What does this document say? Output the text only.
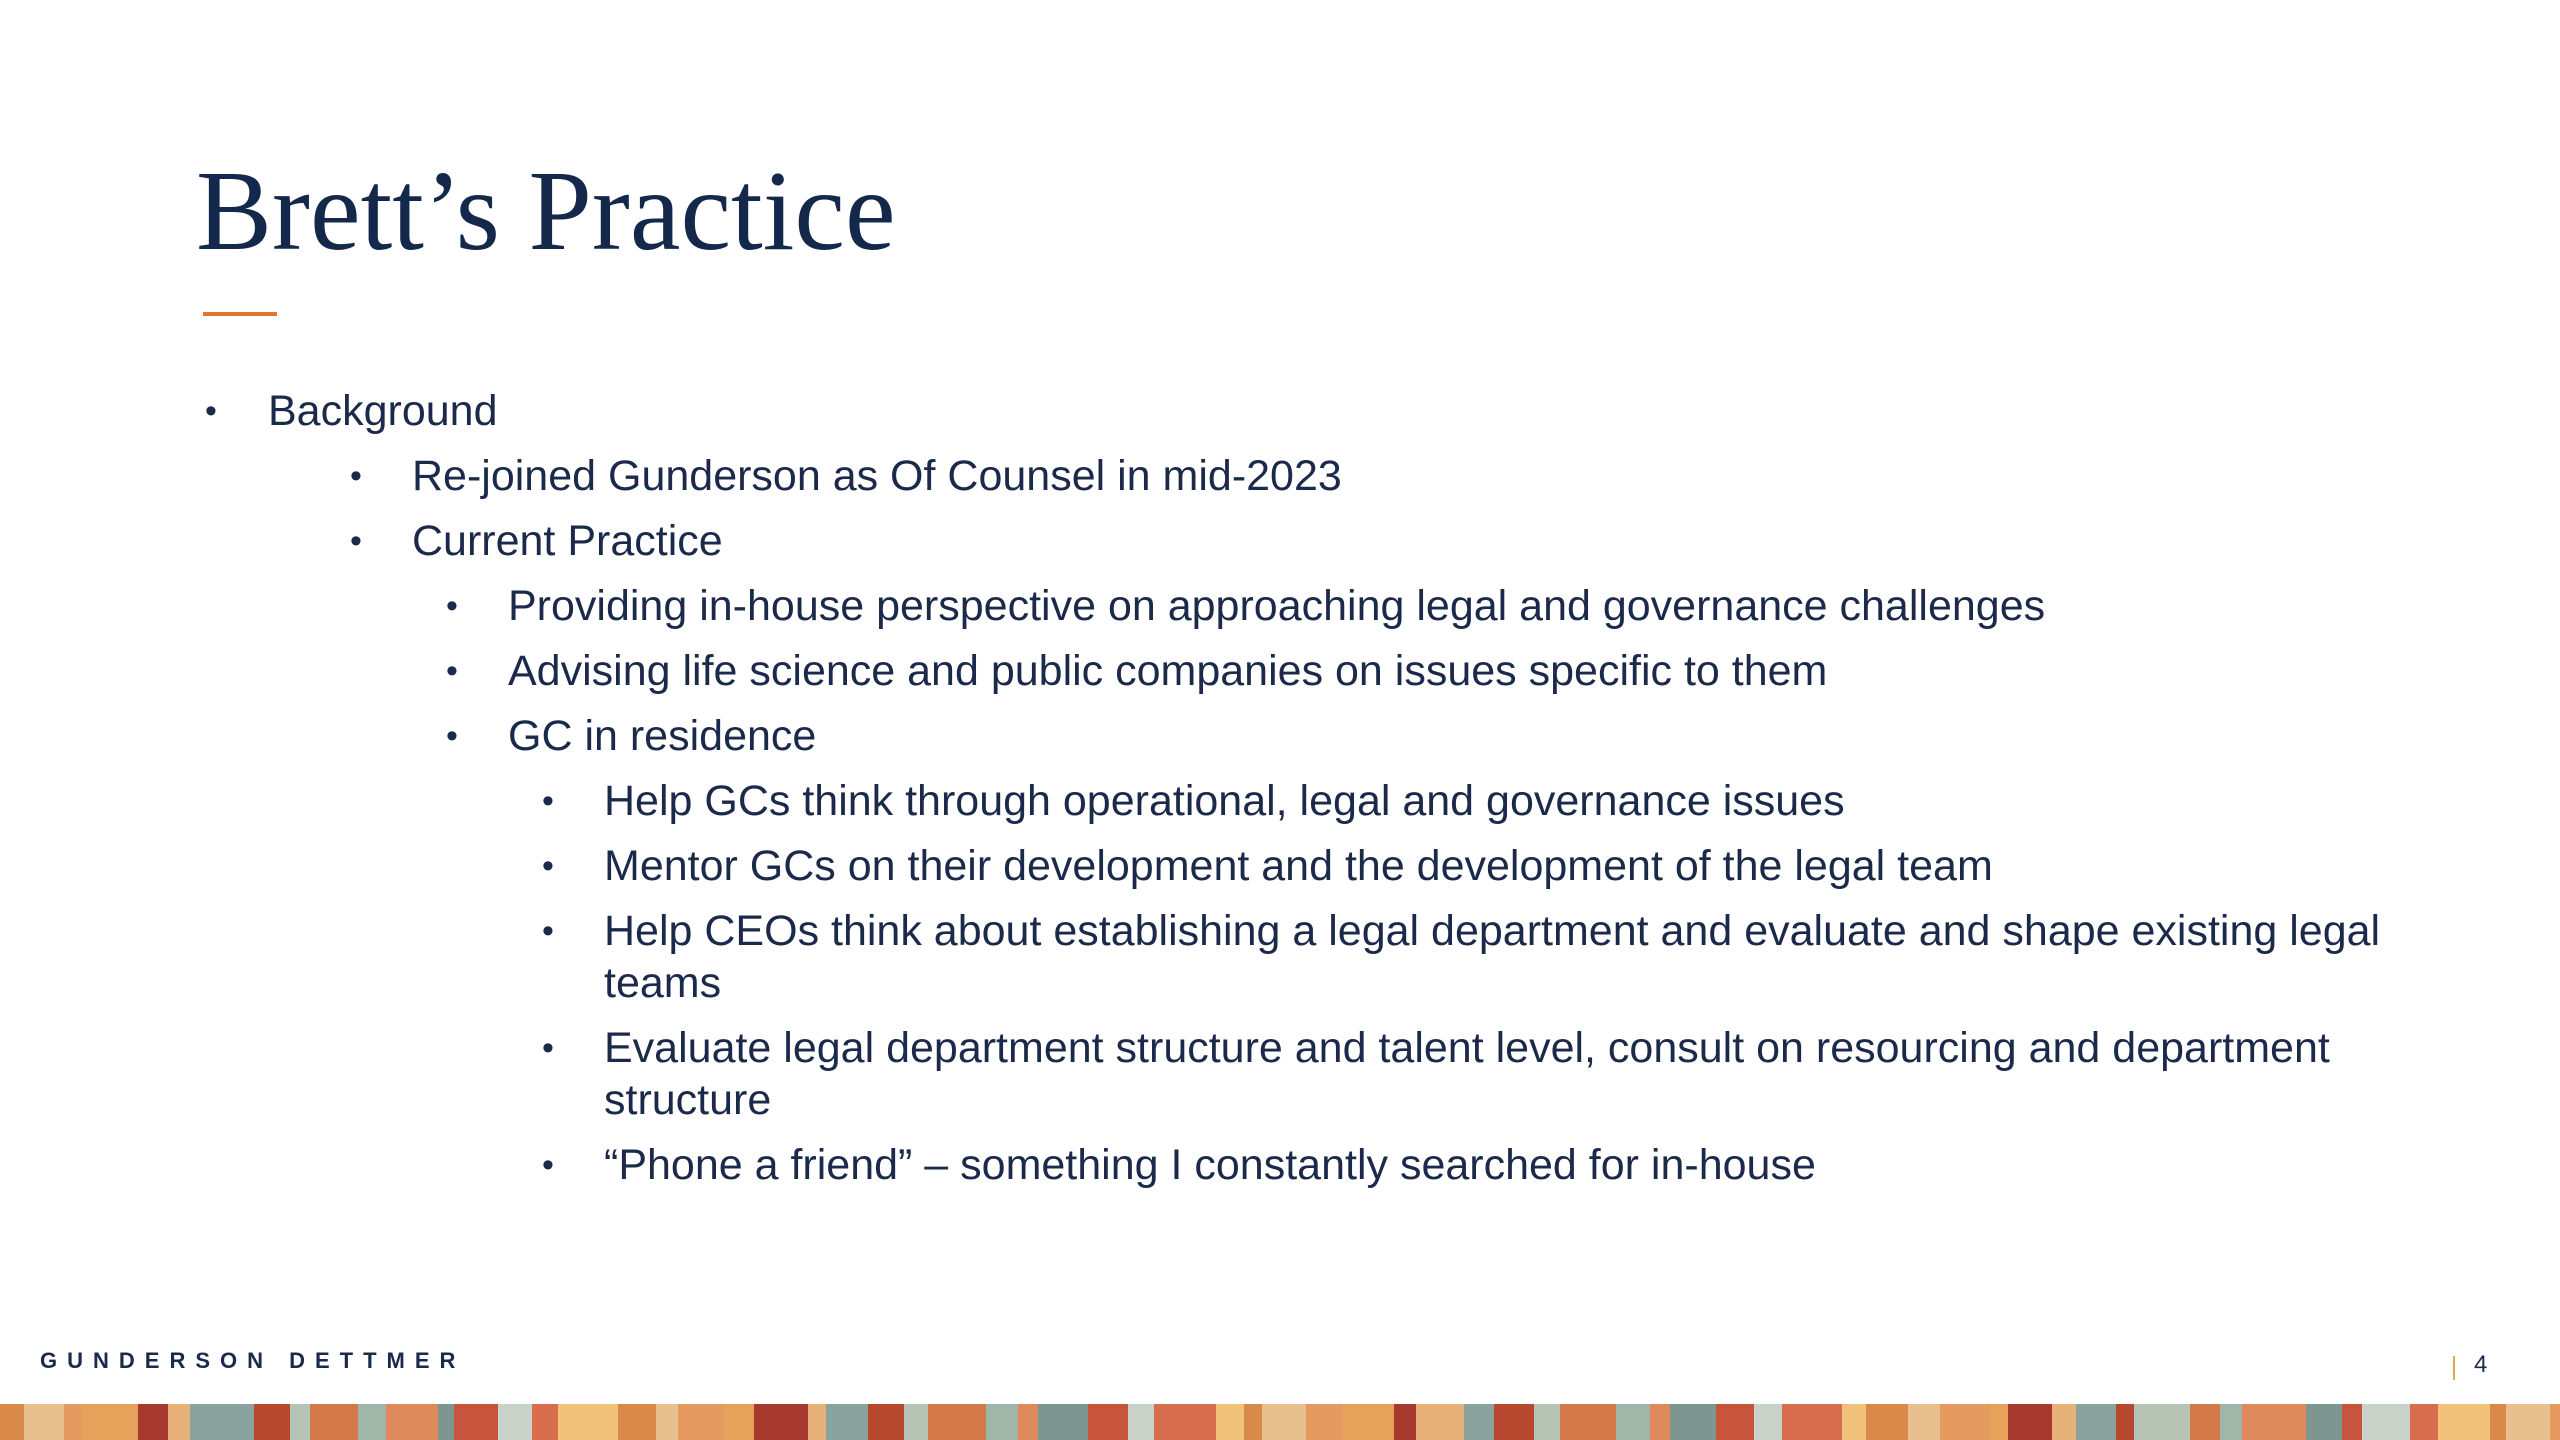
Brett’s Practice
• Background
• Re-joined Gunderson as Of Counsel in mid-2023
• Current Practice
• Providing in-house perspective on approaching legal and governance challenges
• Advising life science and public companies on issues specific to them
• GC in residence
• Help GCs think through operational, legal and governance issues
• Mentor GCs on their development and the development of the legal team
• Help CEOs think about establishing a legal department and evaluate and shape existing legal teams
• Evaluate legal department structure and talent level, consult on resourcing and department structure
• “Phone a friend” – something I constantly searched for in-house
GUNDERSON DETTMER	4
